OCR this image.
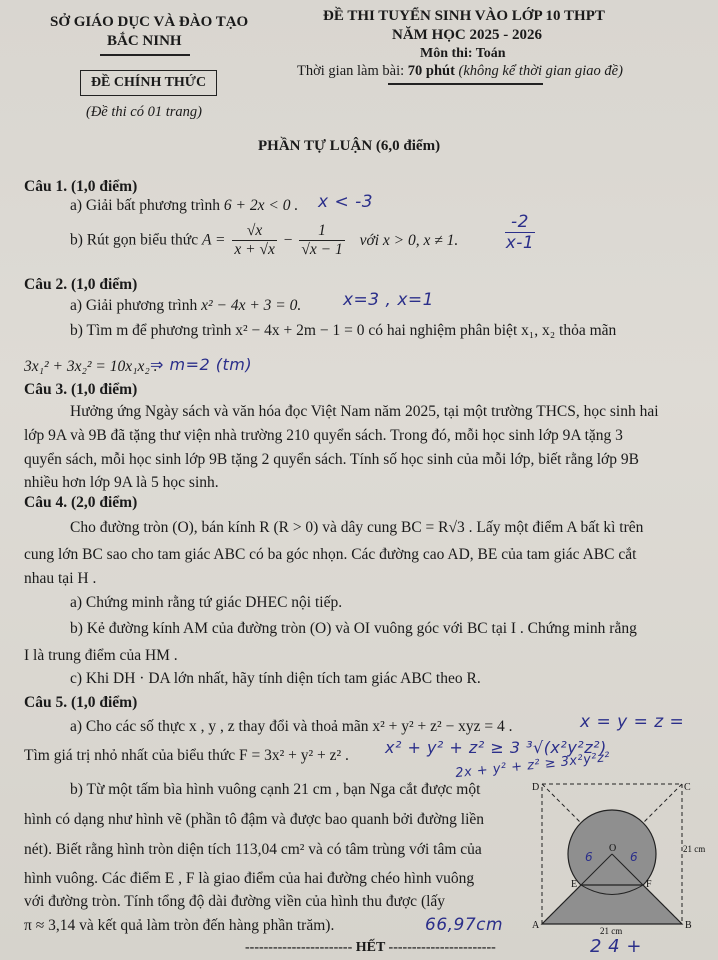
SỞ GIÁO DỤC VÀ ĐÀO TẠO
BẮC NINH
ĐỀ CHÍNH THỨC
(Đề thi có 01 trang)
ĐỀ THI TUYỂN SINH VÀO LỚP 10 THPT
NĂM HỌC 2025 - 2026
Môn thi: Toán
Thời gian làm bài: 70 phút (không kể thời gian giao đề)
PHẦN TỰ LUẬN (6,0 điểm)
Câu 1. (1,0 điểm)
a) Giải bất phương trình 6 + 2x < 0 . x < -3
b) Rút gọn biểu thức $A = \frac{√x}{x + √x} - \frac{1}{√x - 1}$ với x > 0, x ≠ 1.
-2
x-1
Câu 2. (1,0 điểm)
a) Giải phương trình x² − 4x + 3 = 0. x=3 , x=1
b) Tìm m để phương trình x² − 4x + 2m − 1 = 0 có hai nghiệm phân biệt x₁, x₂ thỏa mãn
3x₁² + 3x₂² = 10x₁x₂ .
⇒ m=2 (tm)
Câu 3. (1,0 điểm)
Hưởng ứng Ngày sách và văn hóa đọc Việt Nam năm 2025, tại một trường THCS, học sinh hai
lớp 9A và 9B đã tặng thư viện nhà trường 210 quyển sách. Trong đó, mỗi học sinh lớp 9A tặng 3
quyển sách, mỗi học sinh lớp 9B tặng 2 quyển sách. Tính số học sinh của mỗi lớp, biết rằng lớp 9B
nhiều hơn lớp 9A là 5 học sinh.
Câu 4. (2,0 điểm)
Cho đường tròn (O), bán kính R (R > 0) và dây cung BC = R√3 . Lấy một điểm A bất kì trên
cung lớn BC sao cho tam giác ABC có ba góc nhọn. Các đường cao AD, BE của tam giác ABC cắt
nhau tại H .
a) Chứng minh rằng tứ giác DHEC nội tiếp.
b) Kẻ đường kính AM của đường tròn (O) và OI vuông góc với BC tại I . Chứng minh rằng
I là trung điểm của HM .
c) Khi DH · DA lớn nhất, hãy tính diện tích tam giác ABC theo R.
Câu 5. (1,0 điểm)
a) Cho các số thực x , y , z thay đổi và thoả mãn x² + y² + z² − xyz = 4 .	x = y = z =
Tìm giá trị nhỏ nhất của biểu thức F = 3x² + y² + z² . x² + y² + z² ≥ 3 ³√(x²y²z²)
2x + y² + z² ≥ 3x²y²z²
b) Từ một tấm bìa hình vuông cạnh 21 cm , bạn Nga cắt được một
hình có dạng như hình vẽ (phần tô đậm và được bao quanh bởi đường liền
nét). Biết rằng hình tròn diện tích 113,04 cm² và có tâm trùng với tâm của
hình vuông. Các điểm E , F là giao điểm của hai đường chéo hình vuông
với đường tròn. Tính tổng độ dài đường viền của hình thu được (lấy
π ≈ 3,14 và kết quả làm tròn đến hàng phần trăm).	66,97cm
D	C
A	B
O
E	F
21 cm
21 cm
6	6
----------------------- HẾT -----------------------	2 4 +
